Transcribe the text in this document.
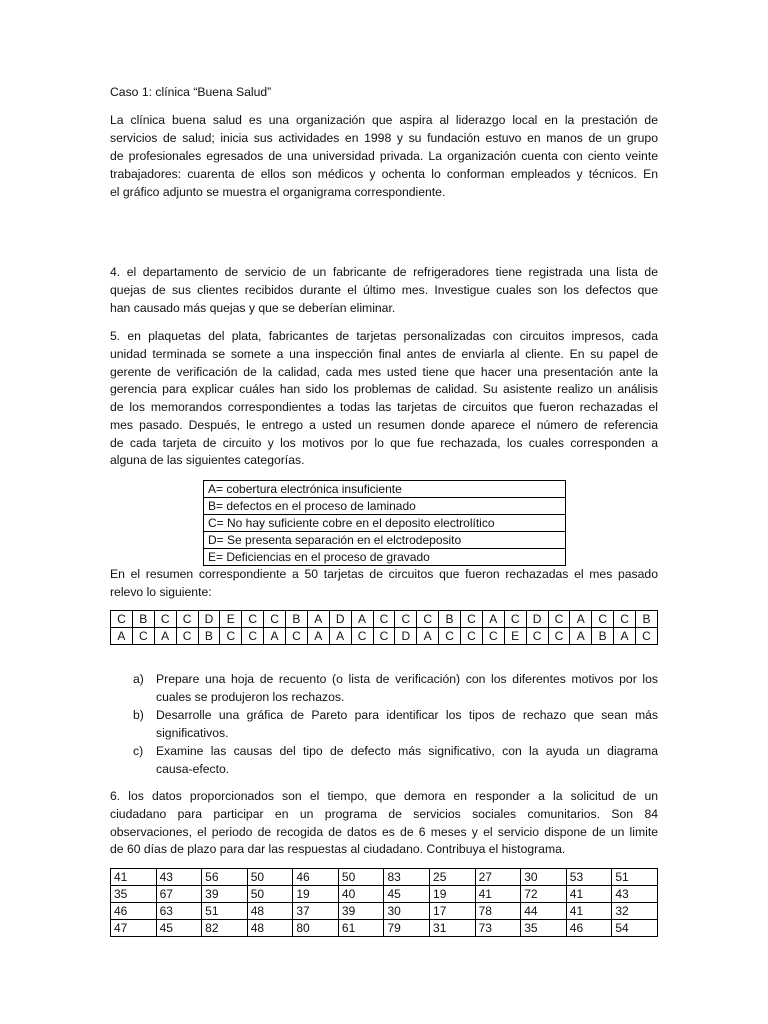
Caso 1: clínica “Buena Salud”
La clínica buena salud es una organización que aspira al liderazgo local en la prestación de
servicios de salud; inicia sus actividades en 1998 y su fundación estuvo en manos de un grupo
de profesionales egresados de una universidad privada. La organización cuenta con ciento veinte
trabajadores: cuarenta de ellos son médicos y ochenta lo conforman empleados y técnicos. En
el gráfico adjunto se muestra el organigrama correspondiente.
4. el departamento de servicio de un fabricante de refrigeradores tiene registrada una lista de
quejas de sus clientes recibidos durante el último mes. Investigue cuales son los defectos que
han causado más quejas y que se deberían eliminar.
5. en plaquetas del plata, fabricantes de tarjetas personalizadas con circuitos impresos, cada
unidad terminada se somete a una inspección final antes de enviarla al cliente. En su papel de
gerente de verificación de la calidad, cada mes usted tiene que hacer una presentación ante la
gerencia para explicar cuáles han sido los problemas de calidad. Su asistente realizo un análisis
de los memorandos correspondientes a todas las tarjetas de circuitos que fueron rechazadas el
mes pasado. Después, le entrego a usted un resumen donde aparece el número de referencia
de cada tarjeta de circuito y los motivos por lo que fue rechazada, los cuales corresponden a
alguna de las siguientes categorías.
A= cobertura electrónica insuficiente
B= defectos en el proceso de laminado
C= No hay suficiente cobre en el deposito electrolítico
D= Se presenta separación en el elctrodeposito
E= Deficiencias en el proceso de gravado
En el resumen correspondiente a 50 tarjetas de circuitos que fueron rechazadas el mes pasado
relevo lo siguiente:
C	B	C	C	D	E	C	C	B	A	D	A	C	C	C	B	C	A	C	D	C	A	C	C	B
A	C	A	C	B	C	C	A	C	A	A	C	C	D	A	C	C	C	E	C	C	A	B	A	C
a) Prepare una hoja de recuento (o lista de verificación) con los diferentes motivos por los
cuales se produjeron los rechazos.
b) Desarrolle una gráfica de Pareto para identificar los tipos de rechazo que sean más
significativos.
c) Examine las causas del tipo de defecto más significativo, con la ayuda un diagrama
causa-efecto.
6. los datos proporcionados son el tiempo, que demora en responder a la solicitud de un
ciudadano para participar en un programa de servicios sociales comunitarios. Son 84
observaciones, el periodo de recogida de datos es de 6 meses y el servicio dispone de un limite
de 60 días de plazo para dar las respuestas al ciudadano. Contribuya el histograma.
41	43	56	50	46	50	83	25	27	30	53	51
35	67	39	50	19	40	45	19	41	72	41	43
46	63	51	48	37	39	30	17	78	44	41	32
47	45	82	48	80	61	79	31	73	35	46	54
